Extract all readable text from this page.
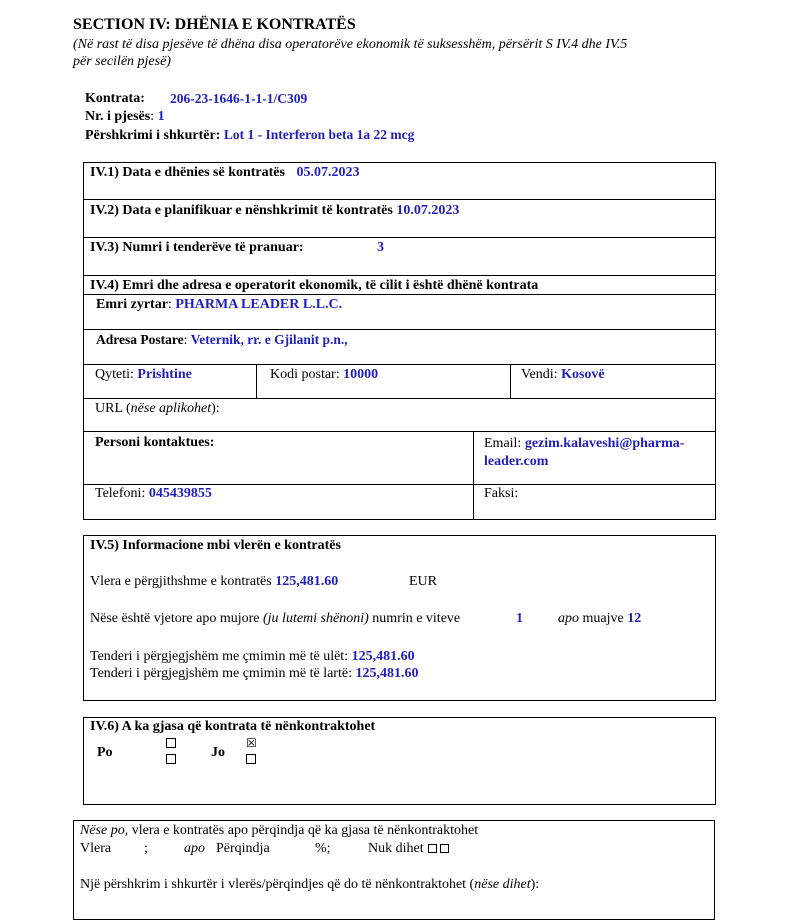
SECTION IV: DHËNIA E KONTRATËS
(Në rast të disa pjesëve të dhëna disa operatorëve ekonomik të suksesshëm, përsërit S IV.4 dhe IV.5
për secilën pjesë)
Kontrata: 206-23-1646-1-1-1/C309
Nr. i pjesës: 1
Përshkrimi i shkurtër: Lot 1 - Interferon beta 1a 22 mcg
IV.1) Data e dhënies së kontratës 05.07.2023
IV.2) Data e planifikuar e nënshkrimit të kontratës 10.07.2023
IV.3) Numri i tenderëve të pranuar:	3
IV.4) Emri dhe adresa e operatorit ekonomik, të cilit i është dhënë kontrata
Emri zyrtar: PHARMA LEADER L.L.C.
Adresa Postare: Veternik, rr. e Gjilanit p.n.,
Qyteti: Prishtine	Kodi postar: 10000	Vendi: Kosovë
URL (nëse aplikohet):
Personi kontaktues:	Email: gezim.kalaveshi@pharma-
leader.com
Telefoni: 045439855	Faksi:
IV.5) Informacione mbi vlerën e kontratës
Vlera e përgjithshme e kontratës 125,481.60	EUR
Nëse është vjetore apo mujore (ju lutemi shënoni) numrin e viteve	1	apo muajve 12
Tenderi i përgjegjshëm me çmimin më të ulët: 125,481.60
Tenderi i përgjegjshëm me çmimin më të lartë: 125,481.60
IV.6) A ka gjasa që kontrata të nënkontraktohet
Po	Jo
☒
Nëse po, vlera e kontratës apo përqindja që ka gjasa të nënkontraktohet
Vlera ;	apo Përqindja	%;	Nuk dihet
Një përshkrim i shkurtër i vlerës/përqindjes që do të nënkontraktohet (nëse dihet):
